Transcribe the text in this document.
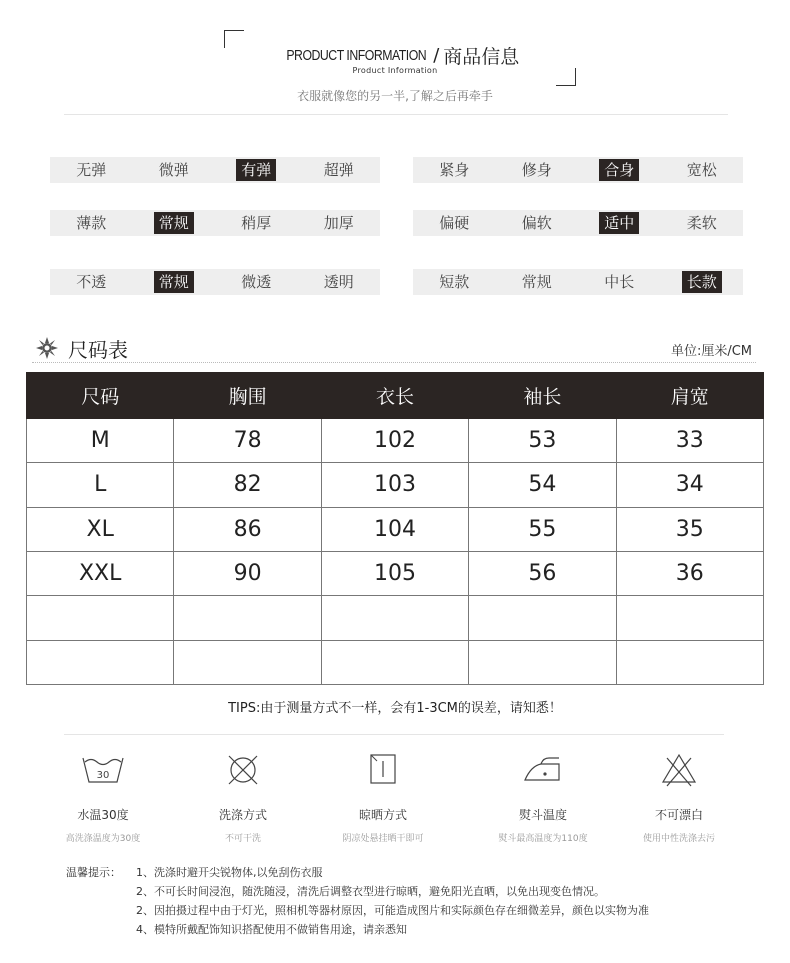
PRODUCT INFORMATION / 商品信息
Product Information
衣服就像您的另一半,了解之后再牵手
无弹	微弹	有弹	超弹	紧身	修身	合身	宽松
薄款	常规	稍厚	加厚	偏硬	偏软	适中	柔软
不透	常规	微透	透明	短款	常规	中长	长款
尺码表	单位:厘米/CM
尺码	胸围	衣长	袖长	肩宽
M	78	102	53	33
L	82	103	54	34
XL	86	104	55	35
XXL	90	105	56	36

TIPS:由于测量方式不一样，会有1-3CM的误差，请知悉！
30
水温30度
高洗涤温度为30度
洗涤方式
不可干洗
晾晒方式
阴凉处悬挂晒干即可
熨斗温度
熨斗最高温度为110度
不可漂白
使用中性洗涤去污
温馨提示：	1、洗涤时避开尖锐物体,以免刮伤衣服
2、不可长时间浸泡，随洗随浸，清洗后调整衣型进行晾晒，避免阳光直晒，以免出现变色情况。
2、因拍摄过程中由于灯光，照相机等器材原因，可能造成图片和实际颜色存在细微差异，颜色以实物为准
4、模特所戴配饰知识搭配使用不做销售用途，请亲悉知
